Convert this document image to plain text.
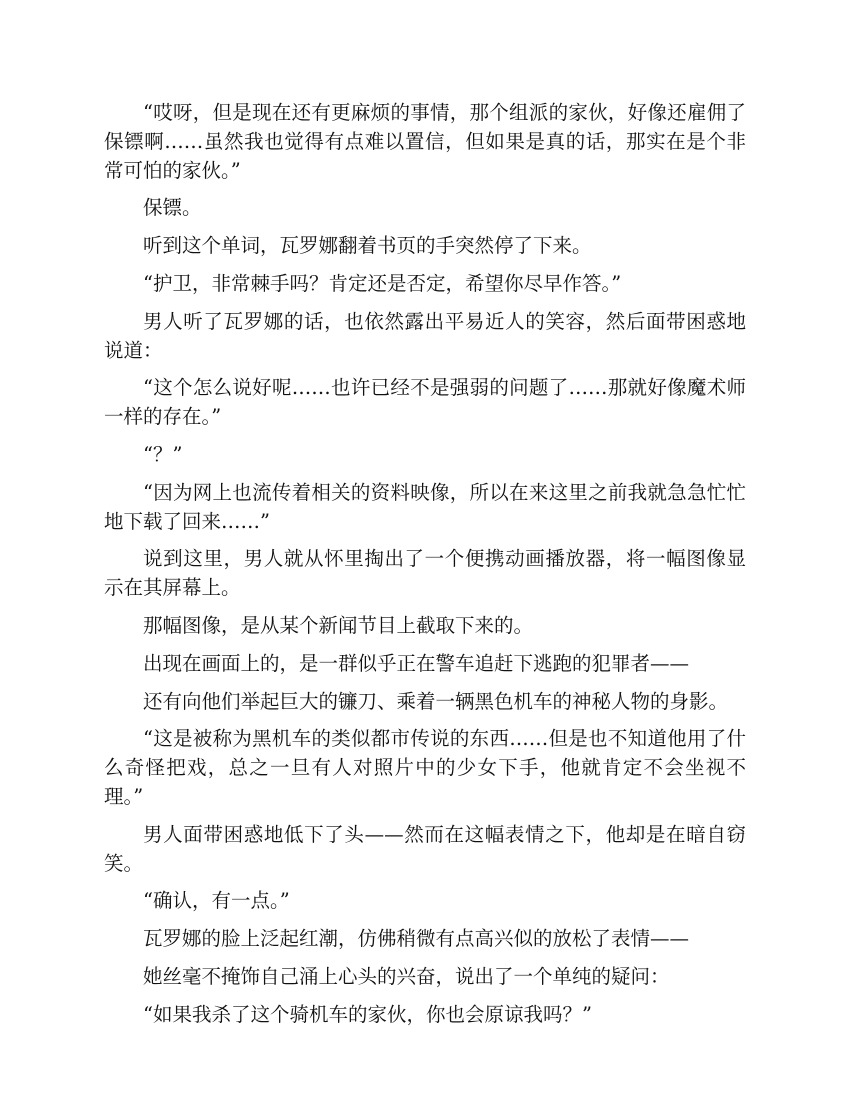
“哎呀，但是现在还有更麻烦的事情，那个组派的家伙，好像还雇佣了保镖啊……虽然我也觉得有点难以置信，但如果是真的话，那实在是个非常可怕的家伙。”

保镖。

听到这个单词，瓦罗娜翻着书页的手突然停了下来。

“护卫，非常棘手吗？肯定还是否定，希望你尽早作答。”

男人听了瓦罗娜的话，也依然露出平易近人的笑容，然后面带困惑地说道：

“这个怎么说好呢……也许已经不是强弱的问题了……那就好像魔术师一样的存在。”

“？”

“因为网上也流传着相关的资料映像，所以在来这里之前我就急急忙忙地下载了回来……”

说到这里，男人就从怀里掏出了一个便携动画播放器，将一幅图像显示在其屏幕上。

那幅图像，是从某个新闻节目上截取下来的。

出现在画面上的，是一群似乎正在警车追赶下逃跑的犯罪者——

还有向他们举起巨大的镰刀、乘着一辆黑色机车的神秘人物的身影。

“这是被称为黑机车的类似都市传说的东西……但是也不知道他用了什么奇怪把戏，总之一旦有人对照片中的少女下手，他就肯定不会坐视不理。”

男人面带困惑地低下了头——然而在这幅表情之下，他却是在暗自窃笑。

“确认，有一点。”

瓦罗娜的脸上泛起红潮，仿佛稍微有点高兴似的放松了表情——

她丝毫不掩饰自己涌上心头的兴奋，说出了一个单纯的疑问：

“如果我杀了这个骑机车的家伙，你也会原谅我吗？”
